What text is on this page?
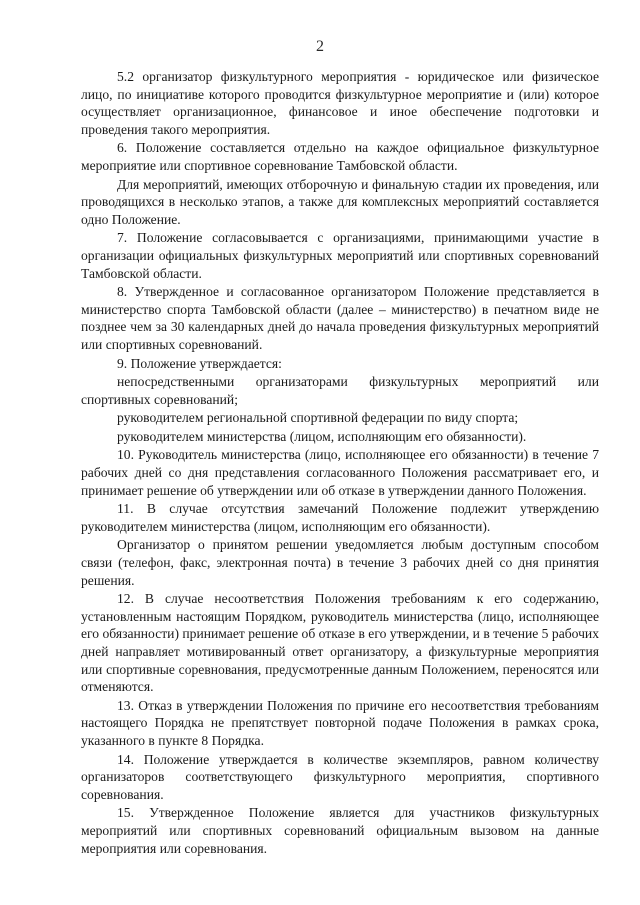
2

5.2 организатор физкультурного мероприятия - юридическое или физическое лицо, по инициативе которого проводится физкультурное мероприятие и (или) которое осуществляет организационное, финансовое и иное обеспечение подготовки и проведения такого мероприятия.

6. Положение составляется отдельно на каждое официальное физкультурное мероприятие или спортивное соревнование Тамбовской области.

Для мероприятий, имеющих отборочную и финальную стадии их проведения, или проводящихся в несколько этапов, а также для комплексных мероприятий составляется одно Положение.

7. Положение согласовывается с организациями, принимающими участие в организации официальных физкультурных мероприятий или спортивных соревнований Тамбовской области.

8. Утвержденное и согласованное организатором Положение представляется в министерство спорта Тамбовской области (далее – министерство) в печатном виде не позднее чем за 30 календарных дней до начала проведения физкультурных мероприятий или спортивных соревнований.

9. Положение утверждается:

непосредственными организаторами физкультурных мероприятий или спортивных соревнований;

руководителем региональной спортивной федерации по виду спорта;

руководителем министерства (лицом, исполняющим его обязанности).

10. Руководитель министерства (лицо, исполняющее его обязанности) в течение 7 рабочих дней со дня представления согласованного Положения рассматривает его, и принимает решение об утверждении или об отказе в утверждении данного Положения.

11. В случае отсутствия замечаний Положение подлежит утверждению руководителем министерства (лицом, исполняющим его обязанности).

Организатор о принятом решении уведомляется любым доступным способом связи (телефон, факс, электронная почта) в течение 3 рабочих дней со дня принятия решения.

12. В случае несоответствия Положения требованиям к его содержанию, установленным настоящим Порядком, руководитель министерства (лицо, исполняющее его обязанности) принимает решение об отказе в его утверждении, и в течение 5 рабочих дней направляет мотивированный ответ организатору, а физкультурные мероприятия или спортивные соревнования, предусмотренные данным Положением, переносятся или отменяются.

13. Отказ в утверждении Положения по причине его несоответствия требованиям настоящего Порядка не препятствует повторной подаче Положения в рамках срока, указанного в пункте 8 Порядка.

14. Положение утверждается в количестве экземпляров, равном количеству организаторов соответствующего физкультурного мероприятия, спортивного соревнования.

15. Утвержденное Положение является для участников физкультурных мероприятий или спортивных соревнований официальным вызовом на данные мероприятия или соревнования.
